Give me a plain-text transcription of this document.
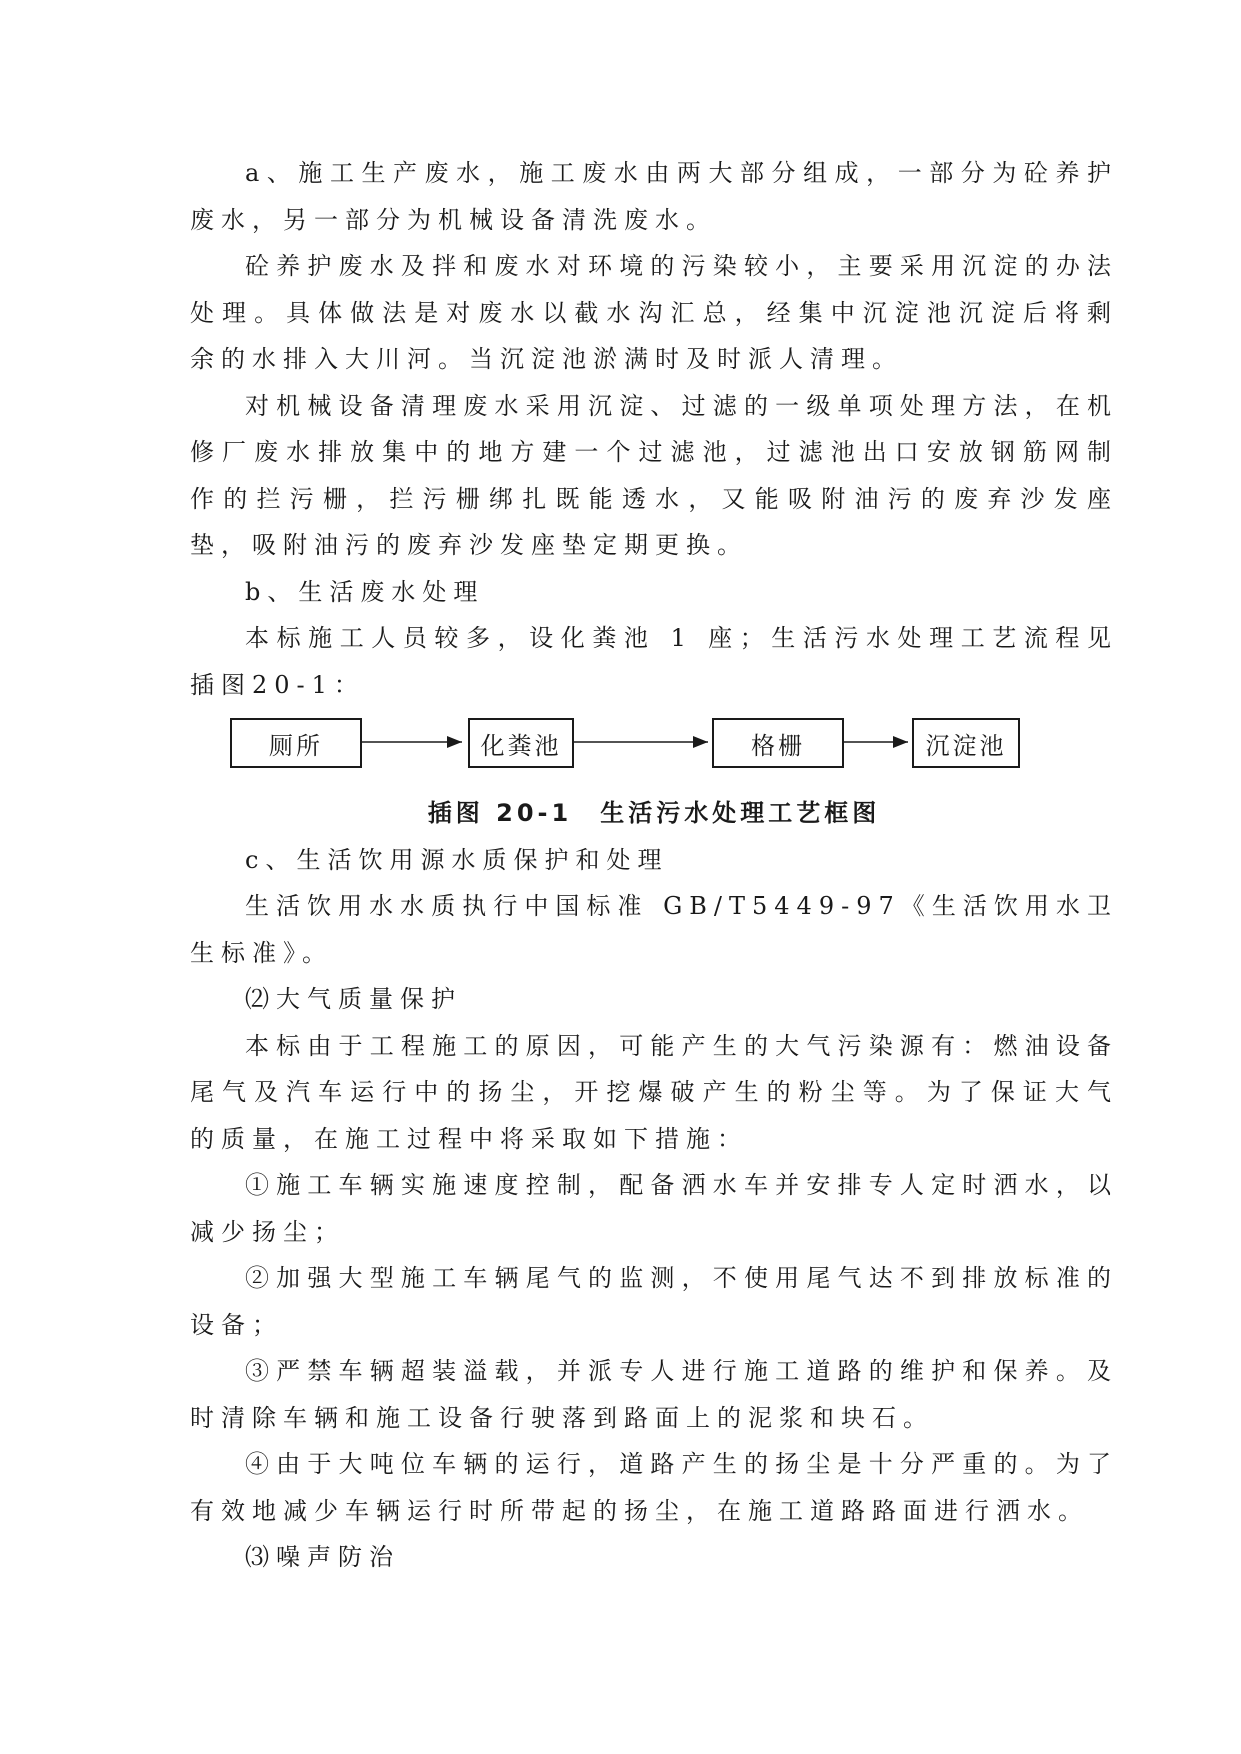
a、施工生产废水，施工废水由两大部分组成，一部分为砼养护废水，另一部分为机械设备清洗废水。

砼养护废水及拌和废水对环境的污染较小，主要采用沉淀的办法处理。具体做法是对废水以截水沟汇总，经集中沉淀池沉淀后将剩余的水排入大川河。当沉淀池淤满时及时派人清理。

对机械设备清理废水采用沉淀、过滤的一级单项处理方法，在机修厂废水排放集中的地方建一个过滤池，过滤池出口安放钢筋网制作的拦污栅，拦污栅绑扎既能透水，又能吸附油污的废弃沙发座垫，吸附油污的废弃沙发座垫定期更换。

b、生活废水处理

本标施工人员较多，设化粪池 1 座；生活污水处理工艺流程见插图20-1：

厕所	化粪池	格栅	沉淀池
插图 20-1　生活污水处理工艺框图

c、生活饮用源水质保护和处理

生活饮用水水质执行中国标准 GB/T5449-97《生活饮用水卫生标准》。

⑵大气质量保护

本标由于工程施工的原因，可能产生的大气污染源有：燃油设备尾气及汽车运行中的扬尘，开挖爆破产生的粉尘等。为了保证大气的质量，在施工过程中将采取如下措施：

①施工车辆实施速度控制，配备洒水车并安排专人定时洒水，以减少扬尘；

②加强大型施工车辆尾气的监测，不使用尾气达不到排放标准的设备；

③严禁车辆超装溢载，并派专人进行施工道路的维护和保养。及时清除车辆和施工设备行驶落到路面上的泥浆和块石。

④由于大吨位车辆的运行，道路产生的扬尘是十分严重的。为了有效地减少车辆运行时所带起的扬尘，在施工道路路面进行洒水。

⑶噪声防治
